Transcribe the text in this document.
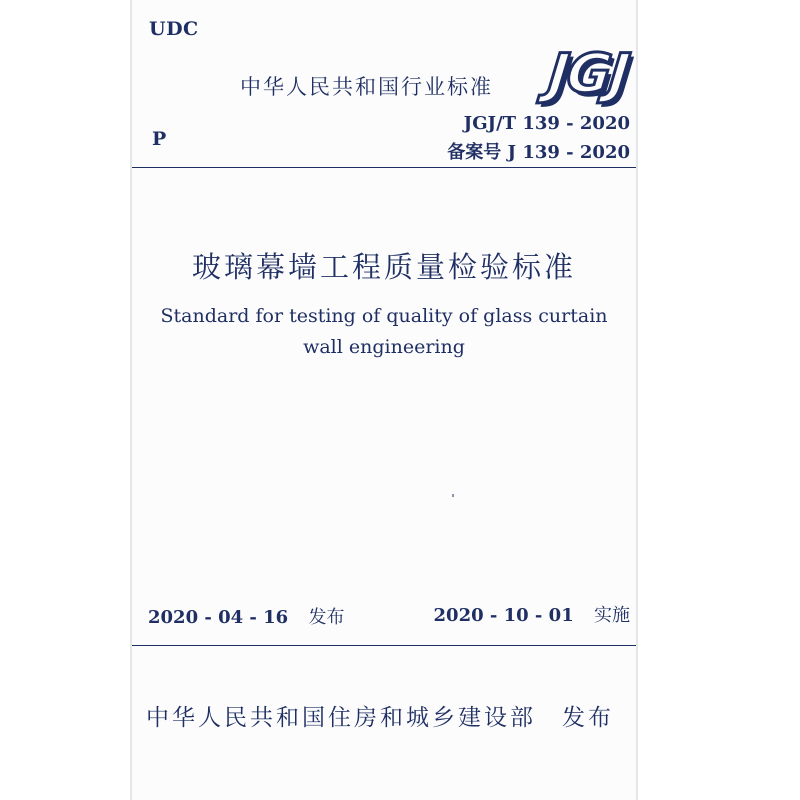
UDC
中华人民共和国行业标准 JGJ
P
JGJ/T 139 - 2020
备案号 J 139 - 2020
玻璃幕墙工程质量检验标准
Standard for testing of quality of glass curtain
wall engineering
2020 - 04 - 16 发布	2020 - 10 - 01 实施
中华人民共和国住房和城乡建设部 发布
